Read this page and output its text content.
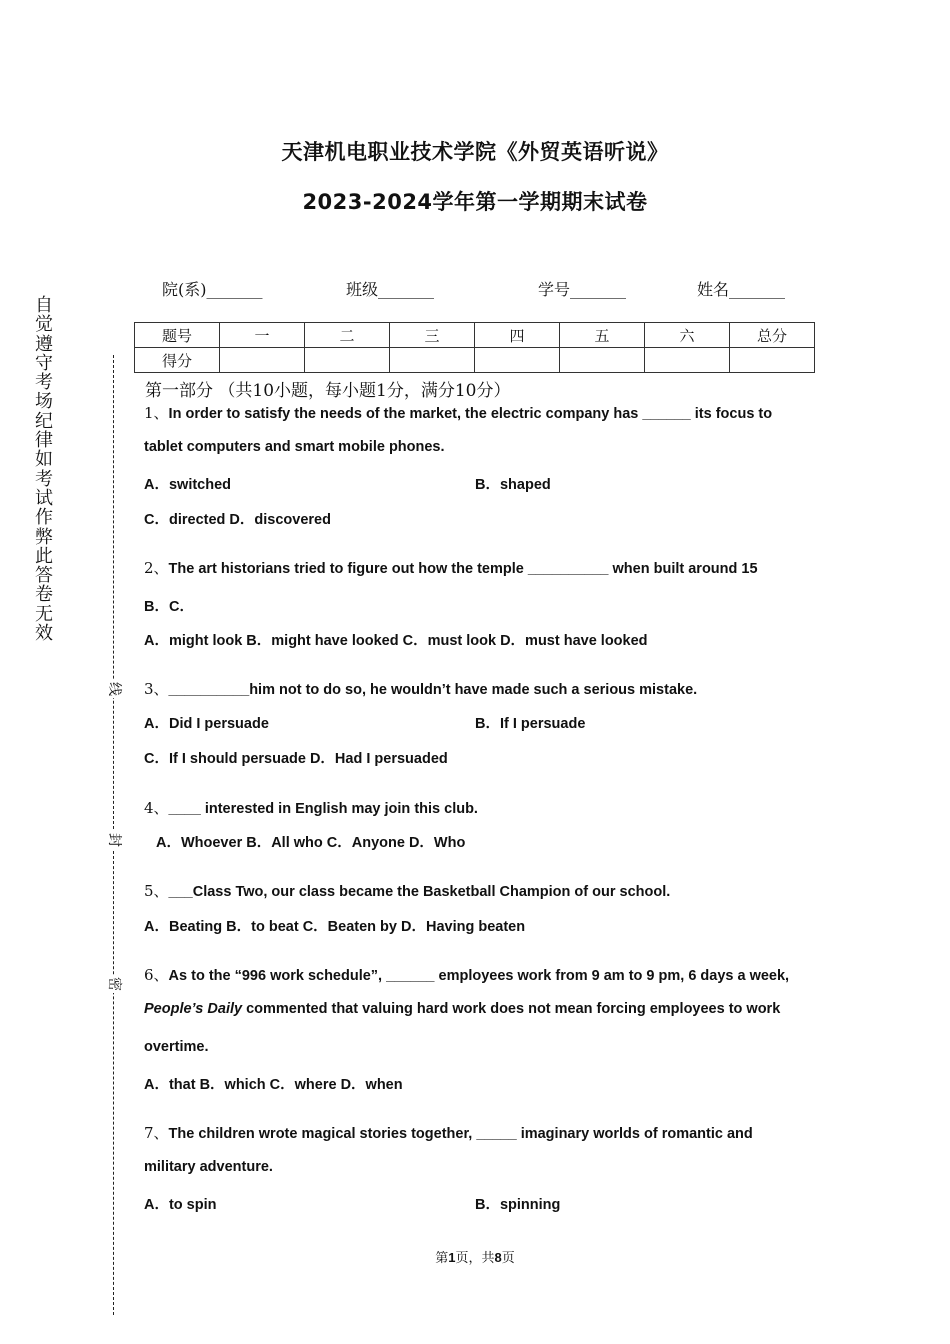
天津机电职业技术学院《外贸英语听说》
2023-2024学年第一学期期末试卷
自觉遵守考场纪律如考试作弊此答卷无效
线
封
密
院(系)_______	班级_______	学号_______	姓名_______
题号	一	二	三	四	五	六	总分
得分							
第一部分 （共10小题，每小题1分，满分10分）
1、In order to satisfy the needs of the market, the electric company has ______ its focus to
tablet computers and smart mobile phones.
A．switched	B．shaped
C．directed D．discovered
2、The art historians tried to figure out how the temple __________ when built around 15
B．C．
A．might look B．might have looked C．must look D．must have looked
3、__________him not to do so, he wouldn’t have made such a serious mistake.
A．Did I persuade	B．If I persuade
C．If I should persuade D．Had I persuaded
4、____ interested in English may join this club.
A．Whoever B．All who C．Anyone D．Who
5、___Class Two, our class became the Basketball Champion of our school.
A．Beating B．to beat C．Beaten by D．Having beaten
6、As to the “996 work schedule”, ______ employees work from 9 am to 9 pm, 6 days a week,
People’s Daily commented that valuing hard work does not mean forcing employees to work
overtime.
A．that B．which C．where D．when
7、The children wrote magical stories together, _____ imaginary worlds of romantic and
military adventure.
A．to spin	B．spinning
第1页，共8页
